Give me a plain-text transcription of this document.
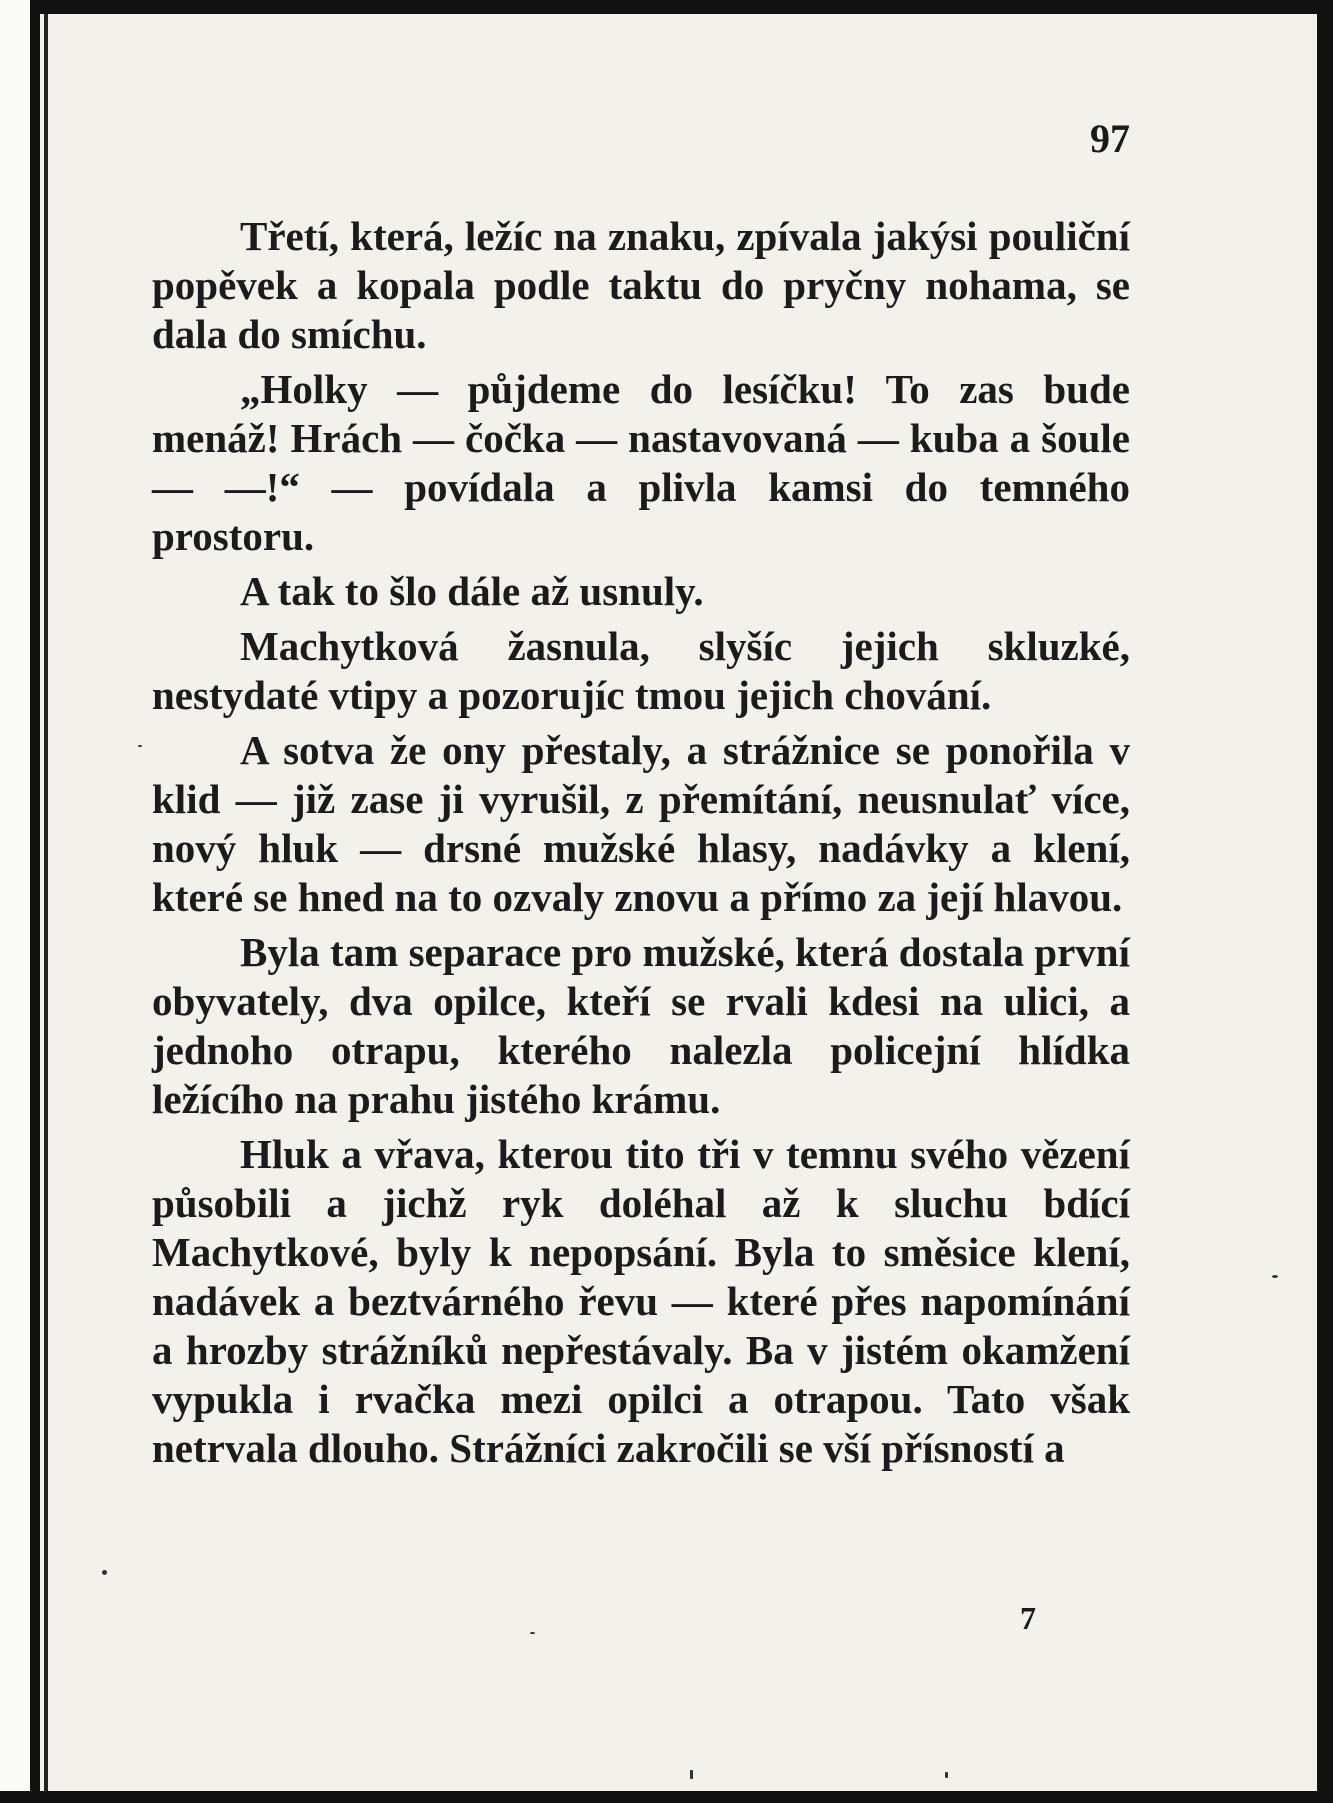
97

Třetí, která, ležíc na znaku, zpívala jakýsi pouliční popěvek a kopala podle taktu do pryčny nohama, se dala do smíchu.

„Holky — půjdeme do lesíčku! To zas bude menáž! Hrách — čočka — nastavovaná — kuba a šoule — —!“ — povídala a plivla kamsi do temného prostoru.

A tak to šlo dále až usnuly.

Machytková žasnula, slyšíc jejich skluzké, nestydaté vtipy a pozorujíc tmou jejich chování.

A sotva že ony přestaly, a strážnice se ponořila v klid — již zase ji vyrušil, z přemítání, neusnulať více, nový hluk — drsné mužské hlasy, nadávky a klení, které se hned na to ozvaly znovu a přímo za její hlavou.

Byla tam separace pro mužské, která dostala první obyvately, dva opilce, kteří se rvali kdesi na ulici, a jednoho otrapu, kterého nalezla policejní hlídka ležícího na prahu jistého krámu.

Hluk a vřava, kterou tito tři v temnu svého vězení působili a jichž ryk doléhal až k sluchu bdící Machytkové, byly k nepopsání. Byla to směsice klení, nadávek a beztvárného řevu — které přes napomínání a hrozby strážníků nepřestávaly. Ba v jistém okamžení vypukla i rvačka mezi opilci a otrapou. Tato však netrvala dlouho. Strážníci zakročili se vší přísností a

7
